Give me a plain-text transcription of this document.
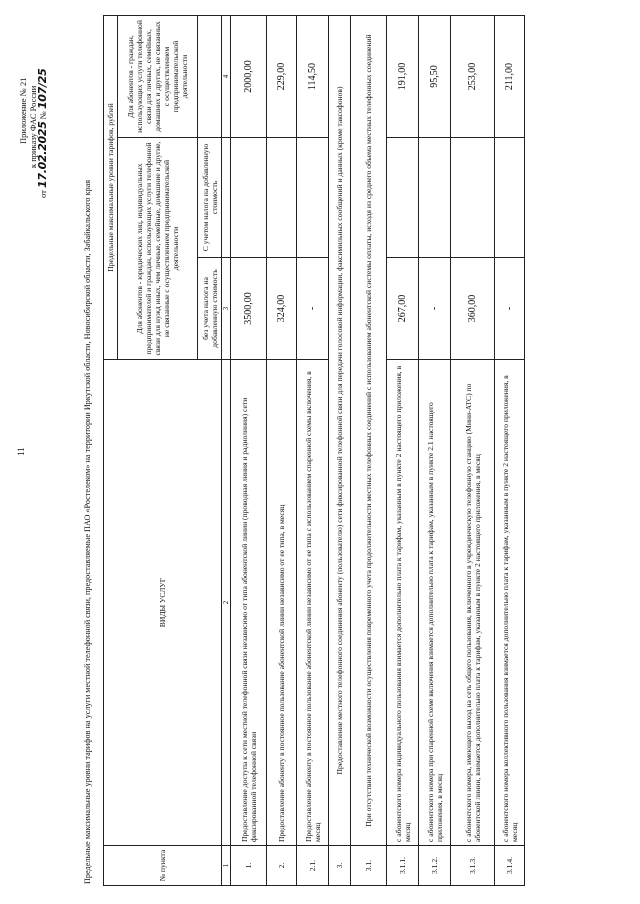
Приложение № 21 к приказу ФАС России
от 17.02.2025 № 107/25
11	Предельные максимальные уровни тарифов на услуги местной телефонной связи, предоставляемые ПАО «Ростелеком» на территории Иркутской области, Новосибирской области, Забайкальского края	№ пункта	ВИДЫ УСЛУГ	Предельные максимальные уровни тарифов, рублей		
		Для абонентов - юридических лиц, индивидуальных предпринимателей и граждан, использующих услуги телефонной связи для нужд иных, чем личные, семейные, домашние и другие, не связанные с осуществлением предпринимательской деятельности		Для абонентов - граждан, использующих услуги телефонной связи для личных, семейных, домашних и других, не связанных с осуществлением предпринимательской деятельности
		без учета налога на добавленную стоимость	С учетом налога на добавленную стоимость	
1	2	3		4
1.	Предоставление доступа к сети местной телефонной связи независимо от типа абонентской линии (проводная линия и радиолиния) сети фиксированной телефонной связи	3500,00		2000,00
2.	Предоставление абоненту в постоянное пользование абонентской линии независимо от ее типа, в месяц	324,00		229,00
2.1.	Предоставление абоненту в постоянное пользование абонентской линии независимо от ее типа с использованием спаренной схемы включения, в месяц	-		114,50
3.	Предоставление местного телефонного соединения абоненту (пользователю) сети фиксированной телефонной связи для передачи голосовой информации, факсимильных сообщений и данных (кроме таксофонов)			
3.1.	При отсутствии технической возможности осуществления повременного учета продолжительности местных телефонных соединений с использованием абонентской системы оплаты, исходя из среднего объема местных телефонных соединений			
3.1.1.	с абонентского номера индивидуального пользования взимается дополнительно плата к тарифам, указанным в пункте 2 настоящего приложения, в месяц	267,00		191,00
3.1.2.	с абонентского номера при спаренной схеме включения взимается дополнительно плата к тарифам, указанным в пункте 2.1 настоящего приложения, в месяц	-		95,50
3.1.3.	с абонентского номера, имеющего выход на сеть общего пользования, включенного в учрежденческую телефонную станцию (Мини-АТС) по абонентской линии, взимается дополнительно плата к тарифам, указанным в пункте 2 настоящего приложения, в месяц	360,00		253,00
3.1.4.	с абонентского номера коллективного пользования взимается дополнительно плата к тарифам, указанным в пункте 2 настоящего приложения, в месяц	-		211,00
